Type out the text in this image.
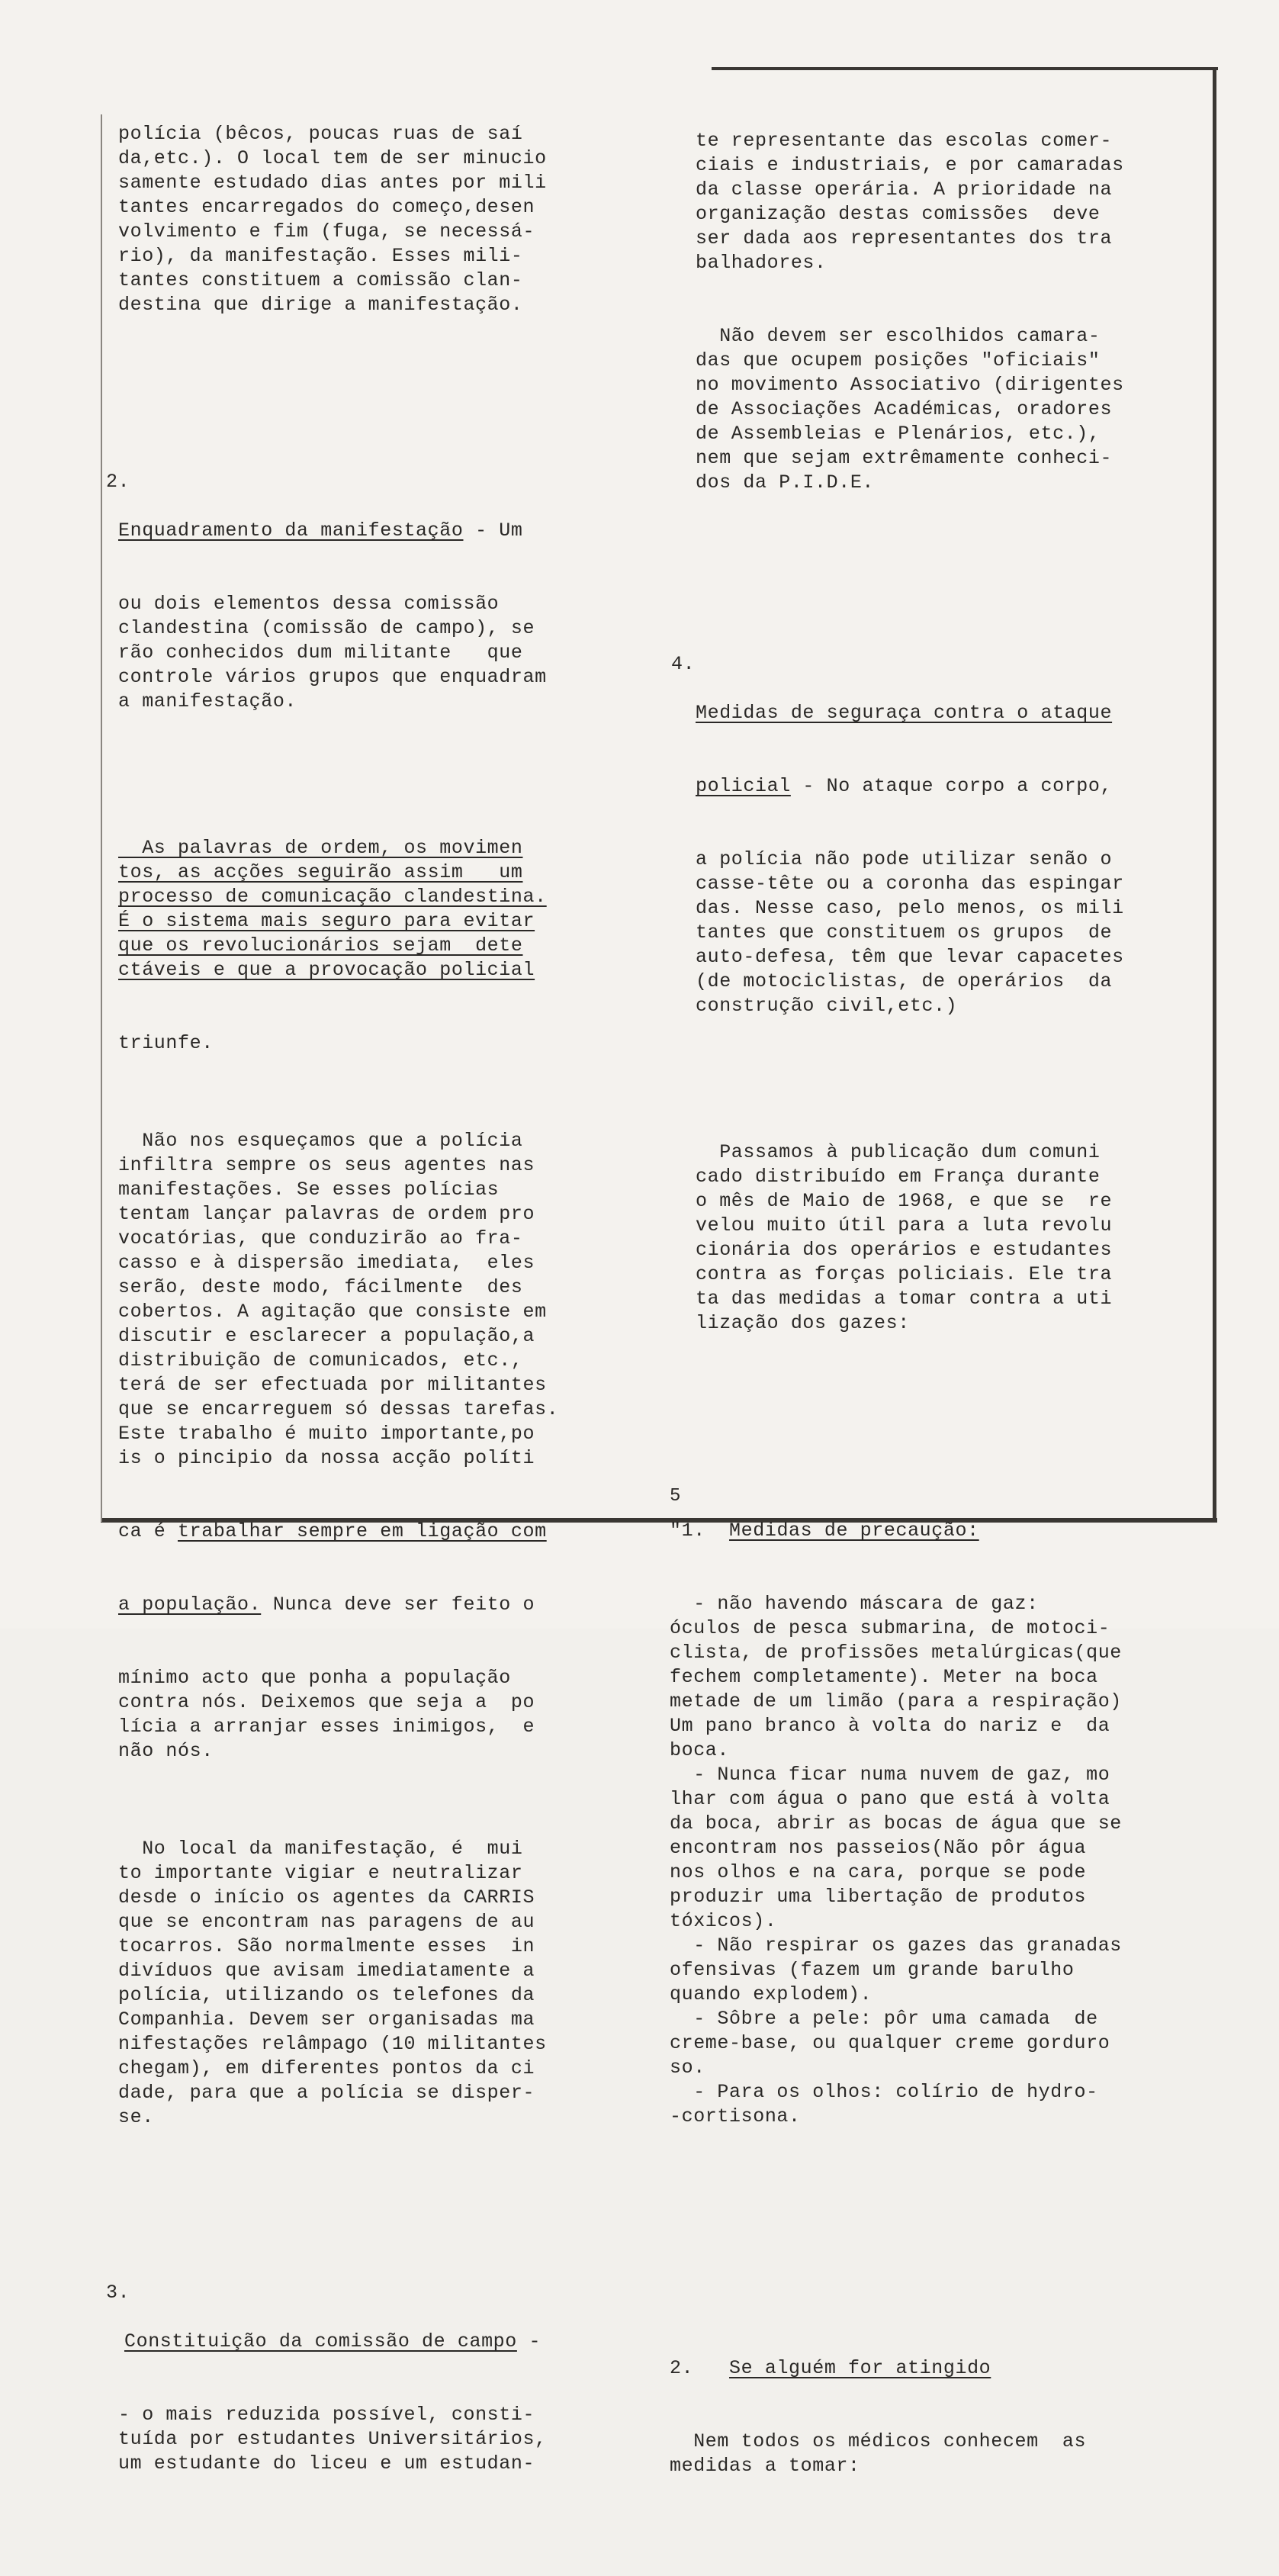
polícia (bêcos, poucas ruas de saí
da,etc.). O local tem de ser minucio
samente estudado dias antes por mili
tantes encarregados do começo,desen
volvimento e fim (fuga, se necessá-
rio), da manifestação. Esses mili-
tantes constituem a comissão clan-
destina que dirige a manifestação.

2.

Enquadramento da manifestação - Um

ou dois elementos dessa comissão
clandestina (comissão de campo), se
rão conhecidos dum militante   que
controle vários grupos que enquadram
a manifestação.

As palavras de ordem, os movimen
tos, as acções seguirão assim   um
processo de comunicação clandestina.
É o sistema mais seguro para evitar
que os revolucionários sejam  dete
ctáveis e que a provocação policial

triunfe.

Não nos esqueçamos que a polícia
infiltra sempre os seus agentes nas
manifestações. Se esses polícias
tentam lançar palavras de ordem pro
vocatórias, que conduzirão ao fra-
casso e à dispersão imediata,  eles
serão, deste modo, fácilmente  des
cobertos. A agitação que consiste em
discutir e esclarecer a população,a
distribuição de comunicados, etc.,
terá de ser efectuada por militantes
que se encarreguem só dessas tarefas.
Este trabalho é muito importante,po
is o pincipio da nossa acção políti

ca é trabalhar sempre em ligação com

a população. Nunca deve ser feito o

mínimo acto que ponha a população
contra nós. Deixemos que seja a  po
lícia a arranjar esses inimigos,  e
não nós.

No local da manifestação, é  mui
to importante vigiar e neutralizar
desde o início os agentes da CARRIS
que se encontram nas paragens de au
tocarros. São normalmente esses  in
divíduos que avisam imediatamente a
polícia, utilizando os telefones da
Companhia. Devem ser organisadas ma
nifestações relâmpago (10 militantes
chegam), em diferentes pontos da ci
dade, para que a polícia se disper-
se.

3.

Constituição da comissão de campo -

- o mais reduzida possível, consti-
tuída por estudantes Universitários,
um estudante do liceu e um estudan-

te representante das escolas comer-
ciais e industriais, e por camaradas
da classe operária. A prioridade na
organização destas comissões  deve
ser dada aos representantes dos tra
balhadores.

Não devem ser escolhidos camara-
das que ocupem posições "oficiais"
no movimento Associativo (dirigentes
de Associações Académicas, oradores
de Assembleias e Plenários, etc.),
nem que sejam extrêmamente conheci-
dos da P.I.D.E.

4.

Medidas de seguraça contra o ataque

policial - No ataque corpo a corpo,

a polícia não pode utilizar senão o
casse-tête ou a coronha das espingar
das. Nesse caso, pelo menos, os mili
tantes que constituem os grupos  de
auto-defesa, têm que levar capacetes
(de motociclistas, de operários  da
construção civil,etc.)

Passamos à publicação dum comuni
cado distribuído em França durante
o mês de Maio de 1968, e que se  re
velou muito útil para a luta revolu
cionária dos operários e estudantes
contra as forças policiais. Ele tra
ta das medidas a tomar contra a uti
lização dos gazes:

"1. Medidas de precaução:

- não havendo máscara de gaz:
óculos de pesca submarina, de motoci-
clista, de profissões metalúrgicas(que
fechem completamente). Meter na boca
metade de um limão (para a respiração)
Um pano branco à volta do nariz e  da
boca.
- Nunca ficar numa nuvem de gaz, mo
lhar com água o pano que está à volta
da boca, abrir as bocas de água que se
encontram nos passeios(Não pôr água
nos olhos e na cara, porque se pode
produzir uma libertação de produtos
tóxicos).
- Não respirar os gazes das granadas
ofensivas (fazem um grande barulho
quando explodem).
- Sôbre a pele: pôr uma camada  de
creme-base, ou qualquer creme gorduro
so.
- Para os olhos: colírio de hydro-
-cortisona.

2. Se alguém for atingido

Nem todos os médicos conhecem  as
medidas a tomar:

5
